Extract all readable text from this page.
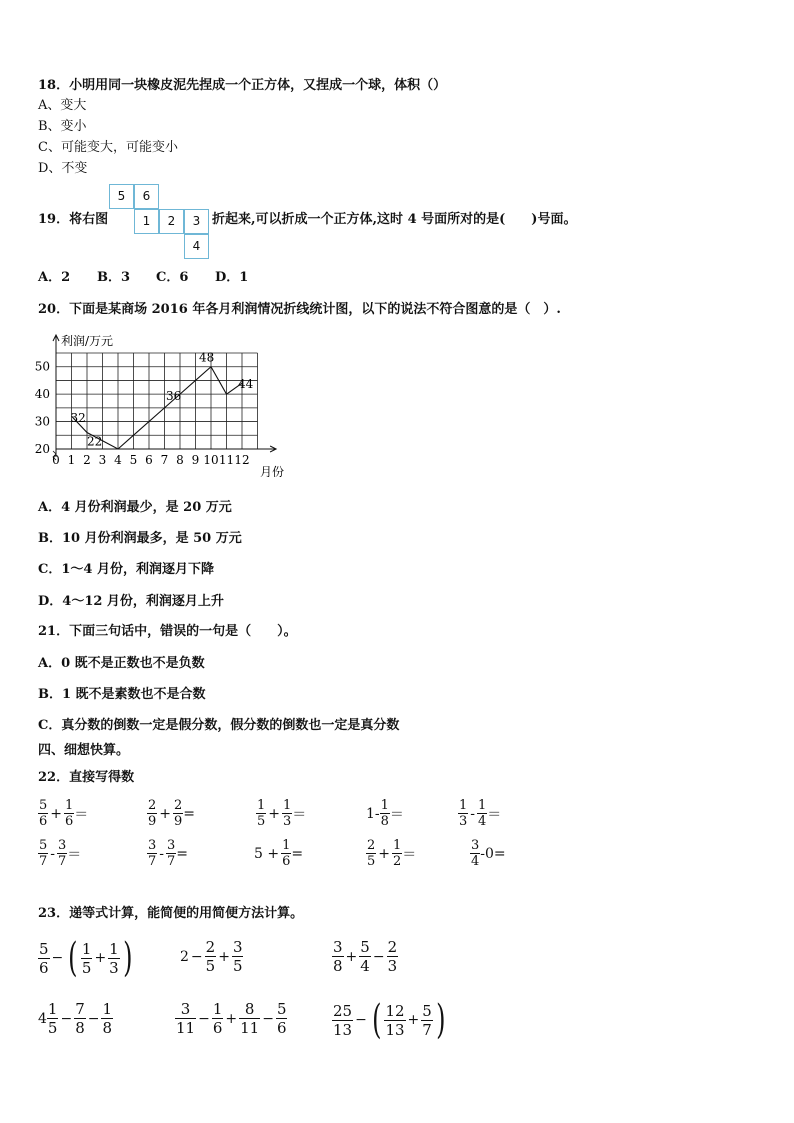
18．小明用同一块橡皮泥先捏成一个正方体，又捏成一个球，体积（）
A、变大
B、变小
C、可能变大，可能变小
D、不变
19．将右图
5	6
1	2	3
4
折起来,可以折成一个正方体,这时 4 号面所对的是(　　)号面。
A．2 B．3 C．6 D．1
20．下面是某商场 2016 年各月利润情况折线统计图，以下的说法不符合图意的是（　）.
0 1 2 3 4 5 6 7 8 9 10 11 12
20
30
40
50
32
22
36
48
44
利润/万元
月份
A．4 月份利润最少，是 20 万元
B．10 月份利润最多，是 50 万元
C．1～4 月份，利润逐月下降
D．4～12 月份，利润逐月上升
21．下面三句话中，错误的一句是（　　）。
A．0 既不是正数也不是负数
B．1 既不是素数也不是合数
C．真分数的倒数一定是假分数，假分数的倒数也一定是真分数
四、细想快算。
22．直接写得数
5
$6 + \frac{1}{6}$ ＝
2
$9 + \frac{2}{9}$ =	1
$5 + \frac{1}{3}$ ＝	1- 1
8 ＝
1
3 - 1
4 ＝
5
7 - 3
7 ＝
3
$7 - \frac{3}{7}$ =	$5 + \frac{1}{6}$ =	2
$5 + \frac{1}{2}$ ＝
3
4 -0=
23．递等式计算，能简便的用简便方法计算。
5
6
− ( 1
5
+ $\frac{1}{3}$ )	$2 - \frac{2}{5} + \frac{3}{5}$	3
8
+ $\frac{5}{4} - \frac{2}{3}$
4
1
5
− $\frac{7}{8} - \frac{1}{8}$	3
11
− $\frac{1}{6} + \frac{8}{11} - \frac{5}{6}$	25
13
− ( 12
13
+ $\frac{5}{7}$ )
